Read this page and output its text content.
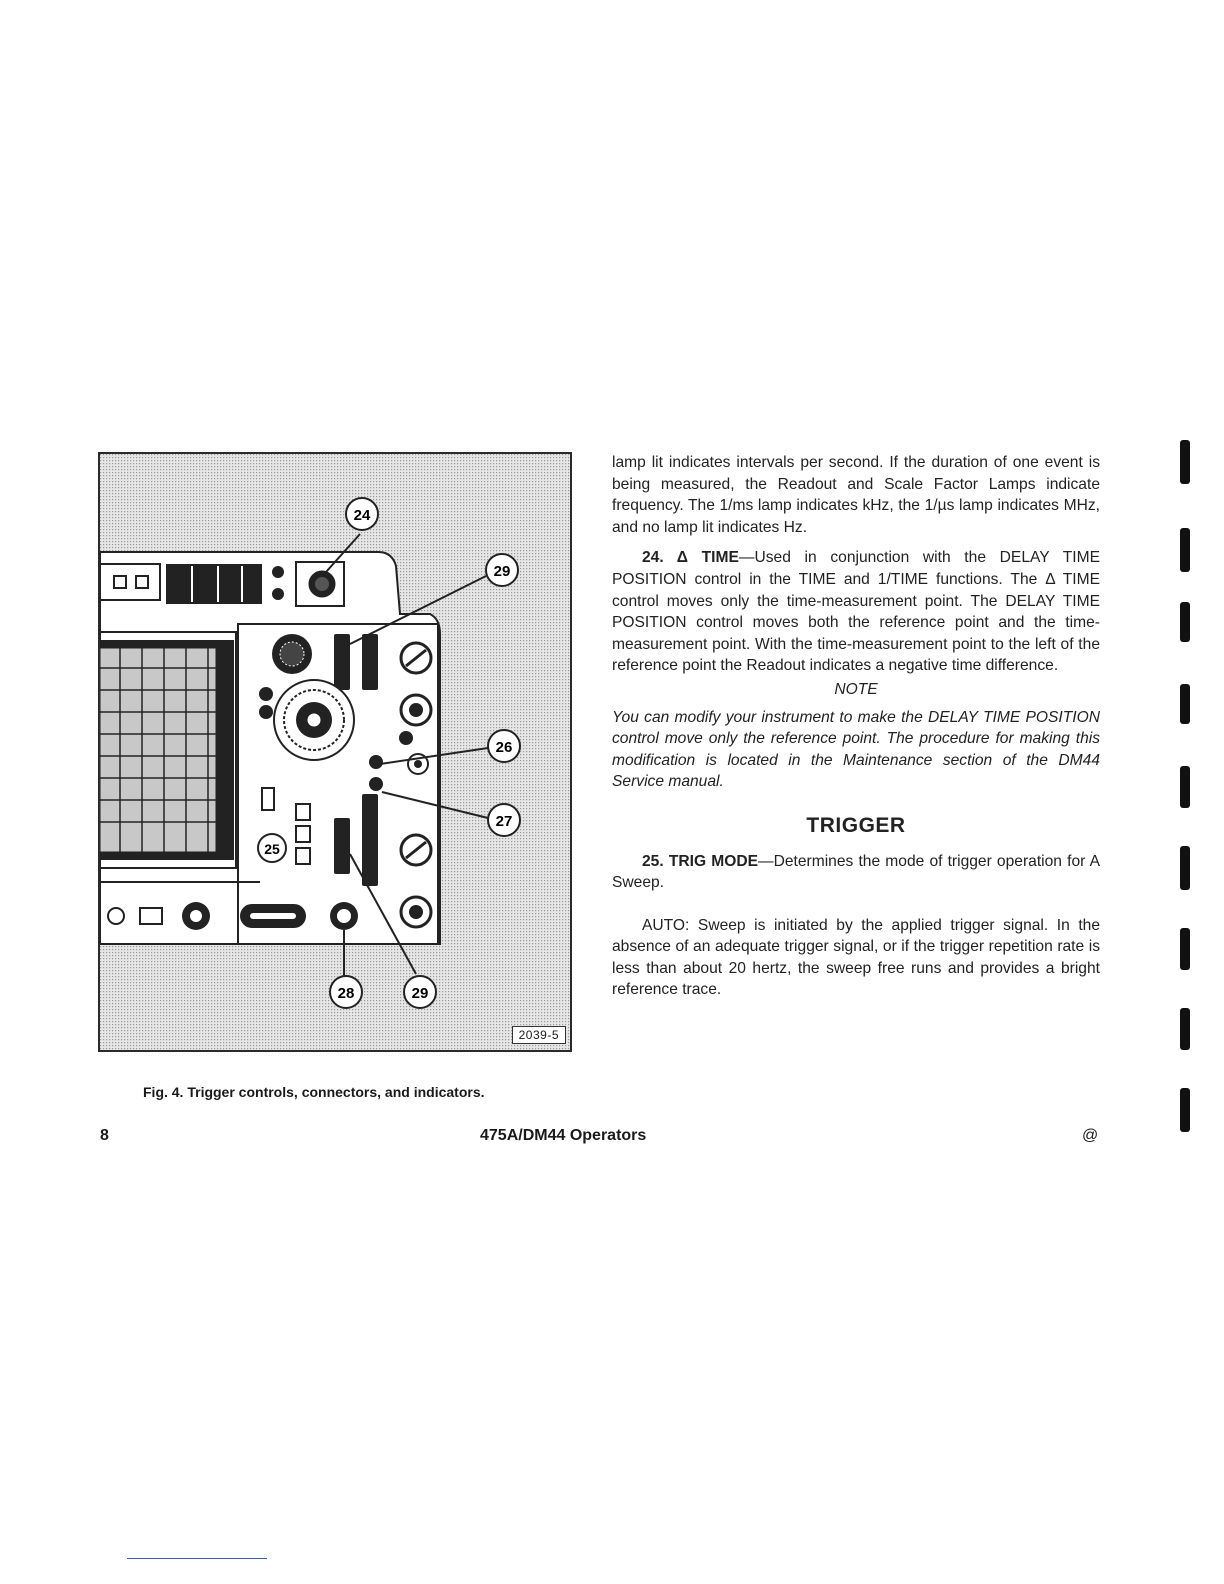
24
29
26
27
25
28	29
2039-5
Fig. 4. Trigger controls, connectors, and indicators.

lamp lit indicates intervals per second. If the duration of one event is being measured, the Readout and Scale Factor Lamps indicate frequency. The 1/ms lamp indicates kHz, the 1/µs lamp indicates MHz, and no lamp lit indicates Hz.

24. Δ TIME—Used in conjunction with the DELAY TIME POSITION control in the TIME and 1/TIME functions. The Δ TIME control moves only the time-measurement point. The DELAY TIME POSITION control moves both the reference point and the time-measurement point. With the time-measurement point to the left of the reference point the Readout indicates a negative time difference.

NOTE

You can modify your instrument to make the DELAY TIME POSITION control move only the reference point. The procedure for making this modification is located in the Maintenance section of the DM44 Service manual.

TRIGGER

25. TRIG MODE—Determines the mode of trigger operation for A Sweep.

AUTO: Sweep is initiated by the applied trigger signal. In the absence of an adequate trigger signal, or if the trigger repetition rate is less than about 20 hertz, the sweep free runs and provides a bright reference trace.

8	475A/DM44 Operators	@
